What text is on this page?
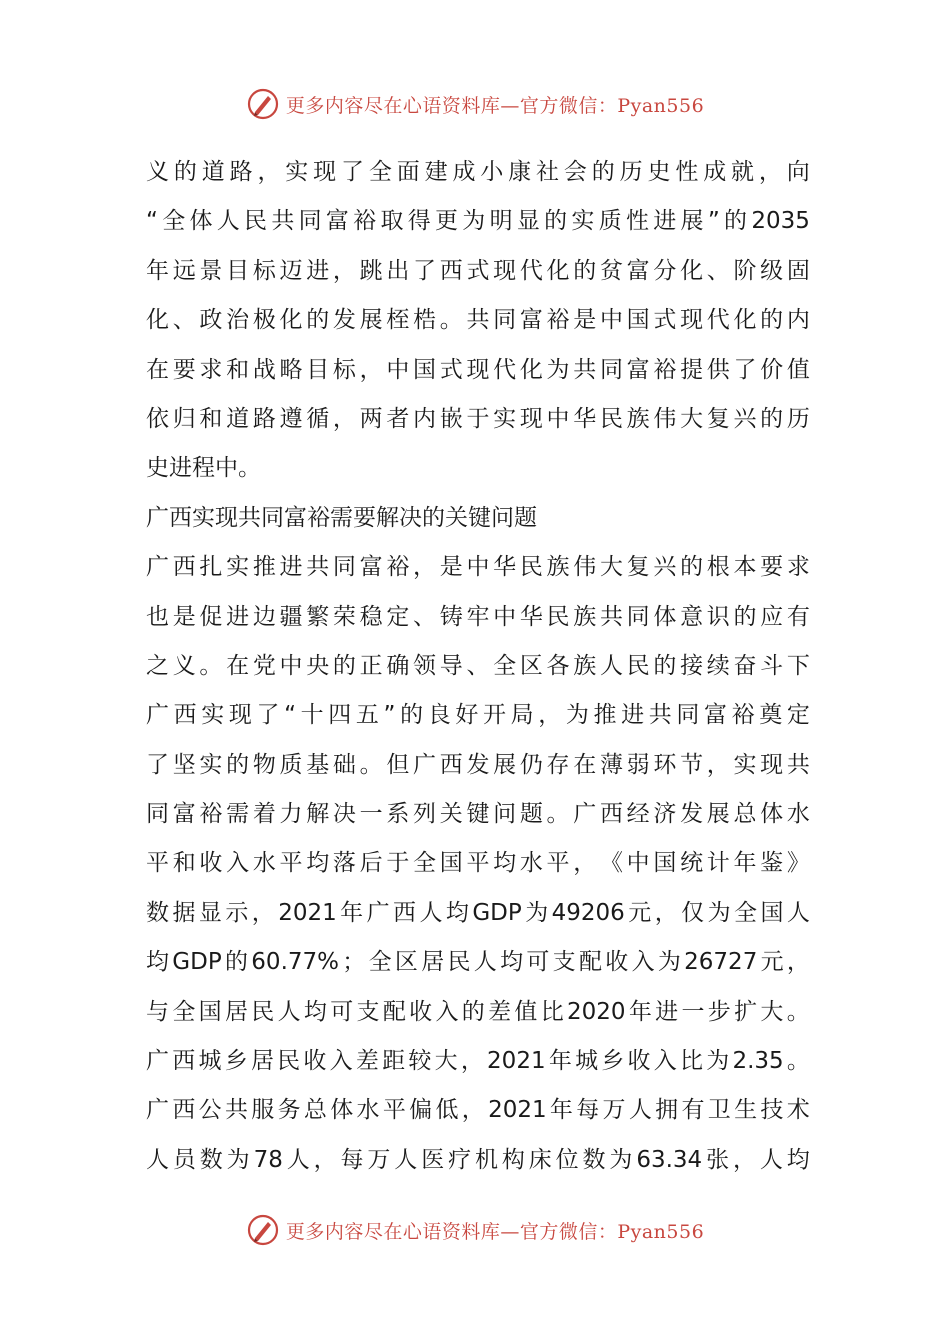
更多内容尽在心语资料库—官方微信：Pyan556
义 的 道 路 ， 实 现 了 全 面 建 成 小 康 社 会 的 历 史 性 成 就 ， 向
“ 全 体 人 民 共 同 富 裕 取 得 更 为 明 显 的 实 质 性 进 展 ” 的 2035
年 远 景 目 标 迈 进 ， 跳 出 了 西 式 现 代 化 的 贫 富 分 化 、 阶 级 固
化 、 政 治 极 化 的 发 展 桎 梏 。 共 同 富 裕 是 中 国 式 现 代 化 的 内
在 要 求 和 战 略 目 标 ， 中 国 式 现 代 化 为 共 同 富 裕 提 供 了 价 值
依 归 和 道 路 遵 循 ， 两 者 内 嵌 于 实 现 中 华 民 族 伟 大 复 兴 的 历
史进程中。
广西实现共同富裕需要解决的关键问题
广 西 扎 实 推 进 共 同 富 裕 ， 是 中 华 民 族 伟 大 复 兴 的 根 本 要 求
也 是 促 进 边 疆 繁 荣 稳 定 、 铸 牢 中 华 民 族 共 同 体 意 识 的 应 有
之 义 。 在 党 中 央 的 正 确 领 导 、 全 区 各 族 人 民 的 接 续 奋 斗 下
广 西 实 现 了 “ 十 四 五 ” 的 良 好 开 局 ， 为 推 进 共 同 富 裕 奠 定
了 坚 实 的 物 质 基 础 。 但 广 西 发 展 仍 存 在 薄 弱 环 节 ， 实 现 共
同 富 裕 需 着 力 解 决 一 系 列 关 键 问 题 。 广 西 经 济 发 展 总 体 水
平 和 收 入 水 平 均 落 后 于 全 国 平 均 水 平 ， 《 中 国 统 计 年 鉴 》
数 据 显 示 ， 2021 年 广 西 人 均 GDP 为 49206 元 ， 仅 为 全 国 人
均 GDP 的 60.77% ； 全 区 居 民 人 均 可 支 配 收 入 为 26727 元 ，
与 全 国 居 民 人 均 可 支 配 收 入 的 差 值 比 2020 年 进 一 步 扩 大 。
广 西 城 乡 居 民 收 入 差 距 较 大 ， 2021 年 城 乡 收 入 比 为 2.35 。
广 西 公 共 服 务 总 体 水 平 偏 低 ， 2021 年 每 万 人 拥 有 卫 生 技 术
人 员 数 为 78 人 ， 每 万 人 医 疗 机 构 床 位 数 为 63.34 张 ， 人 均
更多内容尽在心语资料库—官方微信：Pyan556
